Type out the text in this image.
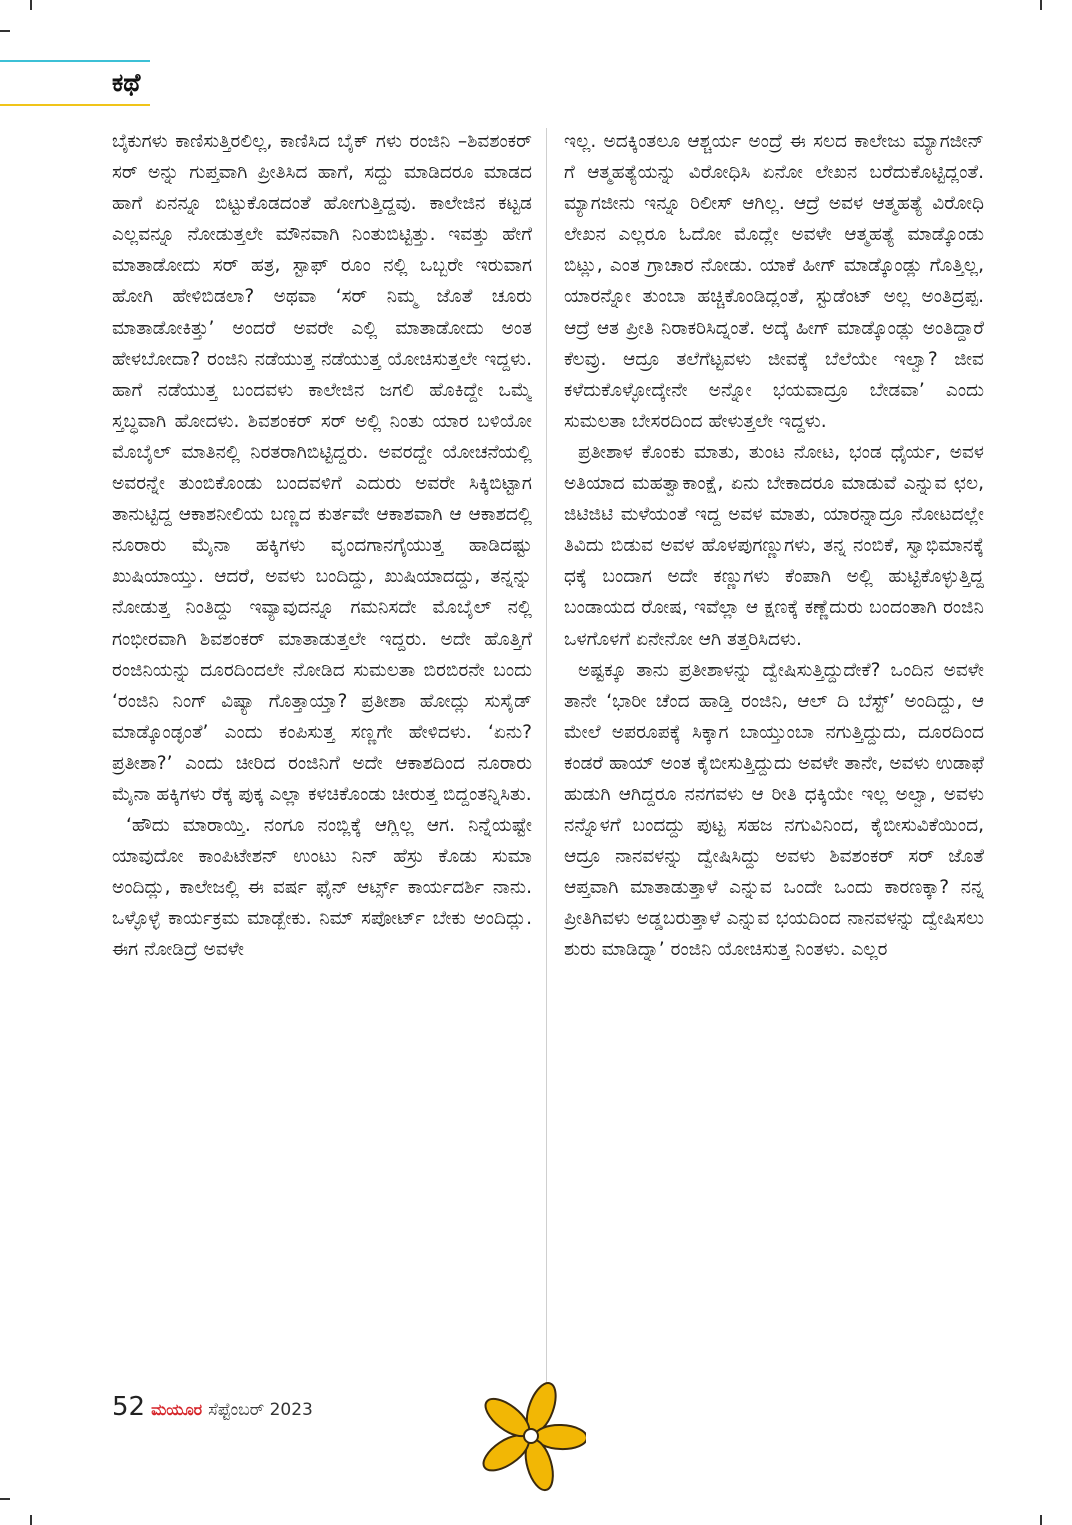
ಕಥೆ

ಬೈಕುಗಳು ಕಾಣಿಸುತ್ತಿರಲಿಲ್ಲ, ಕಾಣಿಸಿದ ಬೈಕ್ ಗಳು ರಂಜಿನಿ –ಶಿವಶಂಕರ್ ಸರ್ ಅನ್ನು ಗುಪ್ತವಾಗಿ ಪ್ರೀತಿಸಿದ ಹಾಗೆ, ಸದ್ದು ಮಾಡಿದರೂ ಮಾಡದ ಹಾಗೆ ಏನನ್ನೂ ಬಿಟ್ಟುಕೊಡದಂತೆ ಹೋಗುತ್ತಿದ್ದವು. ಕಾಲೇಜಿನ ಕಟ್ಟಡ ಎಲ್ಲವನ್ನೂ ನೋಡುತ್ತಲೇ ಮೌನವಾಗಿ ನಿಂತುಬಿಟ್ಟಿತ್ತು. ಇವತ್ತು ಹೇಗೆ ಮಾತಾಡೋದು ಸರ್ ಹತ್ರ, ಸ್ಟಾಫ್ ರೂಂ ನಲ್ಲಿ ಒಬ್ಬರೇ ಇರುವಾಗ ಹೋಗಿ ಹೇಳಿಬಿಡಲಾ? ಅಥವಾ ‘ಸರ್ ನಿಮ್ಮ ಜೊತೆ ಚೂರು ಮಾತಾಡೋಕಿತ್ತು’ ಅಂದರೆ ಅವರೇ ಎಲ್ಲಿ ಮಾತಾಡೋದು ಅಂತ ಹೇಳಬೋದಾ? ರಂಜಿನಿ ನಡೆಯುತ್ತ ನಡೆಯುತ್ತ ಯೋಚಿಸುತ್ತಲೇ ಇದ್ದಳು. ಹಾಗೆ ನಡೆಯುತ್ತ ಬಂದವಳು ಕಾಲೇಜಿನ ಜಗಲಿ ಹೊಕಿದ್ದೇ ಒಮ್ಮೆ ಸ್ತಬ್ಧವಾಗಿ ಹೋದಳು. ಶಿವಶಂಕರ್ ಸರ್ ಅಲ್ಲಿ ನಿಂತು ಯಾರ ಬಳಿಯೋ ಮೊಬೈಲ್ ಮಾತಿನಲ್ಲಿ ನಿರತರಾಗಿಬಿಟ್ಟಿದ್ದರು. ಅವರದ್ದೇ ಯೋಚನೆಯಲ್ಲಿ ಅವರನ್ನೇ ತುಂಬಿಕೊಂಡು ಬಂದವಳಿಗೆ ಎದುರು ಅವರೇ ಸಿಕ್ಕಿಬಿಟ್ಟಾಗ ತಾನುಟ್ಟಿದ್ದ ಆಕಾಶನೀಲಿಯ ಬಣ್ಣದ ಕುರ್ತವೇ ಆಕಾಶವಾಗಿ ಆ ಆಕಾಶದಲ್ಲಿ ನೂರಾರು ಮೈನಾ ಹಕ್ಕಿಗಳು ವೃಂದಗಾನಗೈಯುತ್ತ ಹಾಡಿದಷ್ಟು ಖುಷಿಯಾಯ್ತು. ಆದರೆ, ಅವಳು ಬಂದಿದ್ದು, ಖುಷಿಯಾದದ್ದು, ತನ್ನನ್ನು ನೋಡುತ್ತ ನಿಂತಿದ್ದು ಇವ್ಯಾವುದನ್ನೂ ಗಮನಿಸದೇ ಮೊಬೈಲ್ ನಲ್ಲಿ ಗಂಭೀರವಾಗಿ ಶಿವಶಂಕರ್ ಮಾತಾಡುತ್ತಲೇ ಇದ್ದರು. ಅದೇ ಹೊತ್ತಿಗೆ ರಂಜಿನಿಯನ್ನು ದೂರದಿಂದಲೇ ನೋಡಿದ ಸುಮಲತಾ ಬಿರಬಿರನೇ ಬಂದು ‘ರಂಜಿನಿ ನಿಂಗ್ ವಿಷ್ಯಾ ಗೊತ್ತಾಯ್ತಾ? ಪ್ರತೀಶಾ ಹೋದ್ಲು ಸುಸೈಡ್ ಮಾಡ್ಕೊಂಡ್ಳಂತೆ’ ಎಂದು ಕಂಪಿಸುತ್ತ ಸಣ್ಣಗೇ ಹೇಳಿದಳು. ‘ಏನು? ಪ್ರತೀಶಾ?’ ಎಂದು ಚೀರಿದ ರಂಜಿನಿಗೆ ಅದೇ ಆಕಾಶದಿಂದ ನೂರಾರು ಮೈನಾ ಹಕ್ಕಿಗಳು ರೆಕ್ಕ ಪುಕ್ಕ ಎಲ್ಲಾ ಕಳಚಿಕೊಂಡು ಚೀರುತ್ತ ಬಿದ್ದಂತನ್ನಿಸಿತು.

‘ಹೌದು ಮಾರಾಯ್ತಿ. ನಂಗೂ ನಂಬ್ಲಿಕ್ಕೆ ಆಗ್ಲಿಲ್ಲ ಆಗ. ನಿನ್ನೆಯಷ್ಟೇ ಯಾವುದೋ ಕಾಂಪಿಟೇಶನ್ ಉಂಟು ನಿನ್ ಹೆಸ್ರು ಕೊಡು ಸುಮಾ ಅಂದಿದ್ಲು, ಕಾಲೇಜಲ್ಲಿ ಈ ವರ್ಷ ಫೈನ್ ಆರ್ಟ್ಸ್ ಕಾರ್ಯದರ್ಶಿ ನಾನು. ಒಳ್ಳೊಳ್ಳೆ ಕಾರ್ಯಕ್ರಮ ಮಾಡ್ಬೇಕು. ನಿಮ್ ಸಪೋರ್ಟ್ ಬೇಕು ಅಂದಿದ್ಲು. ಈಗ ನೋಡಿದ್ರೆ ಅವಳೇ

ಇಲ್ಲ. ಅದಕ್ಕಿಂತಲೂ ಆಶ್ಚರ್ಯ ಅಂದ್ರೆ ಈ ಸಲದ ಕಾಲೇಜು ಮ್ಯಾಗಜೀನ್ ಗೆ ಆತ್ಮಹತ್ಯೆಯನ್ನು ವಿರೋಧಿಸಿ ಏನೋ ಲೇಖನ ಬರೆದುಕೊಟ್ಟಿದ್ಲಂತೆ. ಮ್ಯಾಗಜೀನು ಇನ್ನೂ ರಿಲೀಸ್ ಆಗಿಲ್ಲ. ಆದ್ರೆ ಅವಳ ಆತ್ಮಹತ್ಯೆ ವಿರೋಧಿ ಲೇಖನ ಎಲ್ಲರೂ ಓದೋ ಮೊದ್ಲೇ ಅವಳೇ ಆತ್ಮಹತ್ಯೆ ಮಾಡ್ಕೊಂಡು ಬಿಟ್ಲು, ಎಂತ ಗ್ರಾಚಾರ ನೋಡು. ಯಾಕೆ ಹೀಗ್ ಮಾಡ್ಕೊಂಡ್ಲು ಗೊತ್ತಿಲ್ಲ, ಯಾರನ್ನೋ ತುಂಬಾ ಹಚ್ಚಿಕೊಂಡಿದ್ಲಂತೆ, ಸ್ಟುಡೆಂಟ್ ಅಲ್ಲ ಅಂತಿದ್ರಪ್ಪ. ಆದ್ರೆ ಆತ ಪ್ರೀತಿ ನಿರಾಕರಿಸಿದ್ನಂತೆ. ಅದ್ಕೆ ಹೀಗ್ ಮಾಡ್ಕೊಂಡ್ಲು ಅಂತಿದ್ದಾರೆ ಕೆಲವ್ರು. ಆದ್ರೂ ತಲೆಗೆಟ್ಟವಳು ಜೀವಕ್ಕೆ ಬೆಲೆಯೇ ಇಲ್ವಾ? ಜೀವ ಕಳೆದುಕೊಳ್ಳೋದ್ಕೇನೇ ಅನ್ನೋ ಭಯವಾದ್ರೂ ಬೇಡವಾ’ ಎಂದು ಸುಮಲತಾ ಬೇಸರದಿಂದ ಹೇಳುತ್ತಲೇ ಇದ್ದಳು.

ಪ್ರತೀಶಾಳ ಕೊಂಕು ಮಾತು, ತುಂಟ ನೋಟ, ಭಂಡ ಧೈರ್ಯ, ಅವಳ ಅತಿಯಾದ ಮಹತ್ವಾಕಾಂಕ್ಷೆ, ಏನು ಬೇಕಾದರೂ ಮಾಡುವೆ ಎನ್ನುವ ಛಲ, ಜಿಟಿಜಿಟಿ ಮಳೆಯಂತೆ ಇದ್ದ ಅವಳ ಮಾತು, ಯಾರನ್ನಾದ್ರೂ ನೋಟದಲ್ಲೇ ತಿವಿದು ಬಿಡುವ ಅವಳ ಹೊಳಪುಗಣ್ಣುಗಳು, ತನ್ನ ನಂಬಿಕೆ, ಸ್ವಾಭಿಮಾನಕ್ಕೆ ಧಕ್ಕೆ ಬಂದಾಗ ಅದೇ ಕಣ್ಣುಗಳು ಕೆಂಪಾಗಿ ಅಲ್ಲಿ ಹುಟ್ಟಿಕೊಳ್ಳುತ್ತಿದ್ದ ಬಂಡಾಯದ ರೋಷ, ಇವೆಲ್ಲಾ ಆ ಕ್ಷಣಕ್ಕೆ ಕಣ್ಣೆದುರು ಬಂದಂತಾಗಿ ರಂಜಿನಿ ಒಳಗೊಳಗೆ ಏನೇನೋ ಆಗಿ ತತ್ತರಿಸಿದಳು.

ಅಷ್ಟಕ್ಕೂ ತಾನು ಪ್ರತೀಶಾಳನ್ನು ದ್ವೇಷಿಸುತ್ತಿದ್ದುದೇಕೆ? ಒಂದಿನ ಅವಳೇ ತಾನೇ ‘ಭಾರೀ ಚೆಂದ ಹಾಡ್ತಿ ರಂಜಿನಿ, ಆಲ್ ದಿ ಬೆಸ್ಟ್’ ಅಂದಿದ್ದು, ಆ ಮೇಲೆ ಅಪರೂಪಕ್ಕೆ ಸಿಕ್ಕಾಗ ಬಾಯ್ತುಂಬಾ ನಗುತ್ತಿದ್ದುದು, ದೂರದಿಂದ ಕಂಡರೆ ಹಾಯ್ ಅಂತ ಕೈಬೀಸುತ್ತಿದ್ದುದು ಅವಳೇ ತಾನೇ, ಅವಳು ಉಡಾಫೆ ಹುಡುಗಿ ಆಗಿದ್ದರೂ ನನಗವಳು ಆ ರೀತಿ ಧಕ್ಕಿಯೇ ಇಲ್ಲ ಅಲ್ವಾ, ಅವಳು ನನ್ನೊಳಗೆ ಬಂದದ್ದು ಪುಟ್ಟ ಸಹಜ ನಗುವಿನಿಂದ, ಕೈಬೀಸುವಿಕೆಯಿಂದ, ಆದ್ರೂ ನಾನವಳನ್ನು ದ್ವೇಷಿಸಿದ್ದು ಅವಳು ಶಿವಶಂಕರ್ ಸರ್ ಜೊತೆ ಆಪ್ತವಾಗಿ ಮಾತಾಡುತ್ತಾಳೆ ಎನ್ನುವ ಒಂದೇ ಒಂದು ಕಾರಣಕ್ಕಾ? ನನ್ನ ಪ್ರೀತಿಗಿವಳು ಅಡ್ಡಬರುತ್ತಾಳೆ ಎನ್ನುವ ಭಯದಿಂದ ನಾನವಳನ್ನು ದ್ವೇಷಿಸಲು ಶುರು ಮಾಡಿದ್ನಾ’ ರಂಜಿನಿ ಯೋಚಿಸುತ್ತ ನಿಂತಳು. ಎಲ್ಲರ

52 ಮಯೂರ ಸೆಪ್ಟೆಂಬರ್ 2023
